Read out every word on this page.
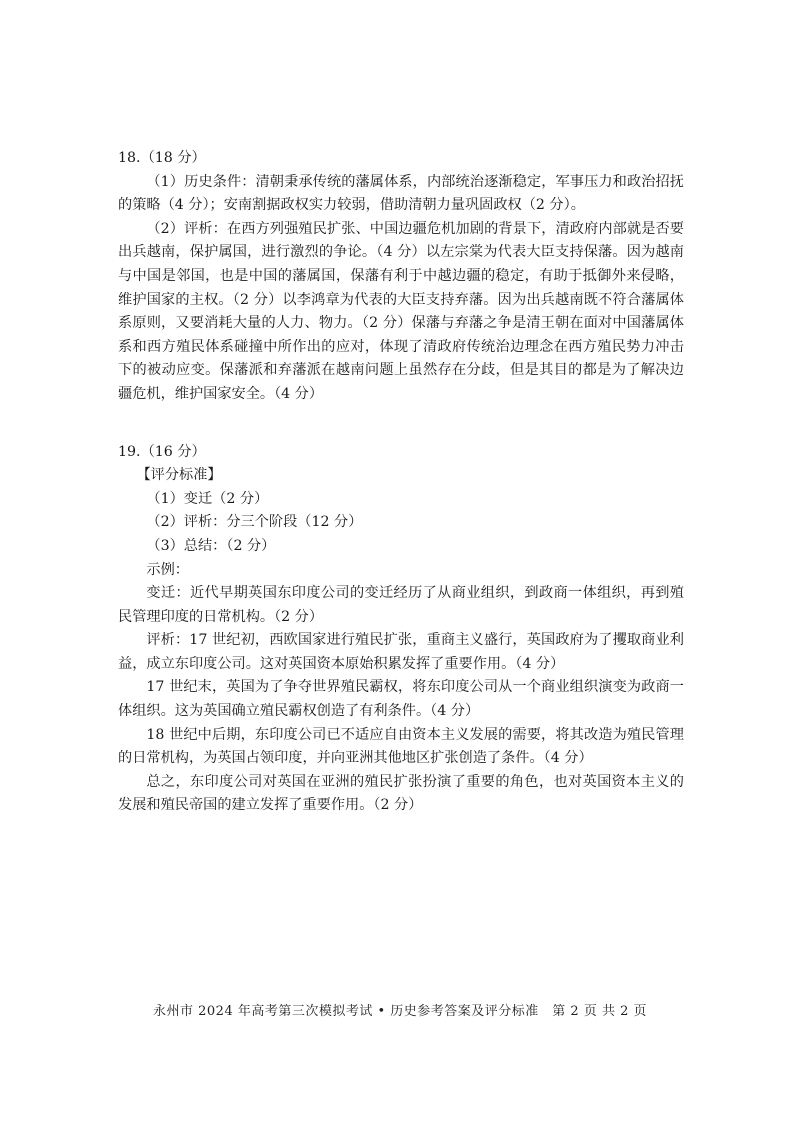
18.（18 分）

（1）历史条件：清朝秉承传统的藩属体系，内部统治逐渐稳定，军事压力和政治招抚的策略（4 分）；安南割据政权实力较弱，借助清朝力量巩固政权（2 分）。

（2）评析：在西方列强殖民扩张、中国边疆危机加剧的背景下，清政府内部就是否要出兵越南，保护属国，进行激烈的争论。（4 分）以左宗棠为代表大臣支持保藩。因为越南与中国是邻国，也是中国的藩属国，保藩有利于中越边疆的稳定，有助于抵御外来侵略，维护国家的主权。（2 分）以李鸿章为代表的大臣支持弃藩。因为出兵越南既不符合藩属体系原则，又要消耗大量的人力、物力。（2 分）保藩与弃藩之争是清王朝在面对中国藩属体系和西方殖民体系碰撞中所作出的应对，体现了清政府传统治边理念在西方殖民势力冲击下的被动应变。保藩派和弃藩派在越南问题上虽然存在分歧，但是其目的都是为了解决边疆危机，维护国家安全。（4 分）

19.（16 分）

【评分标准】

（1）变迁（2 分）

（2）评析：分三个阶段（12 分）

（3）总结：（2 分）

示例：

变迁：近代早期英国东印度公司的变迁经历了从商业组织，到政商一体组织，再到殖民管理印度的日常机构。（2 分）

评析：17 世纪初，西欧国家进行殖民扩张，重商主义盛行，英国政府为了攫取商业利益，成立东印度公司。这对英国资本原始积累发挥了重要作用。（4 分）

17 世纪末，英国为了争夺世界殖民霸权，将东印度公司从一个商业组织演变为政商一体组织。这为英国确立殖民霸权创造了有利条件。（4 分）

18 世纪中后期，东印度公司已不适应自由资本主义发展的需要，将其改造为殖民管理的日常机构，为英国占领印度，并向亚洲其他地区扩张创造了条件。（4 分）

总之，东印度公司对英国在亚洲的殖民扩张扮演了重要的角色，也对英国资本主义的发展和殖民帝国的建立发挥了重要作用。（2 分）

永州市 2024 年高考第三次模拟考试 • 历史参考答案及评分标准　第 2 页 共 2 页
